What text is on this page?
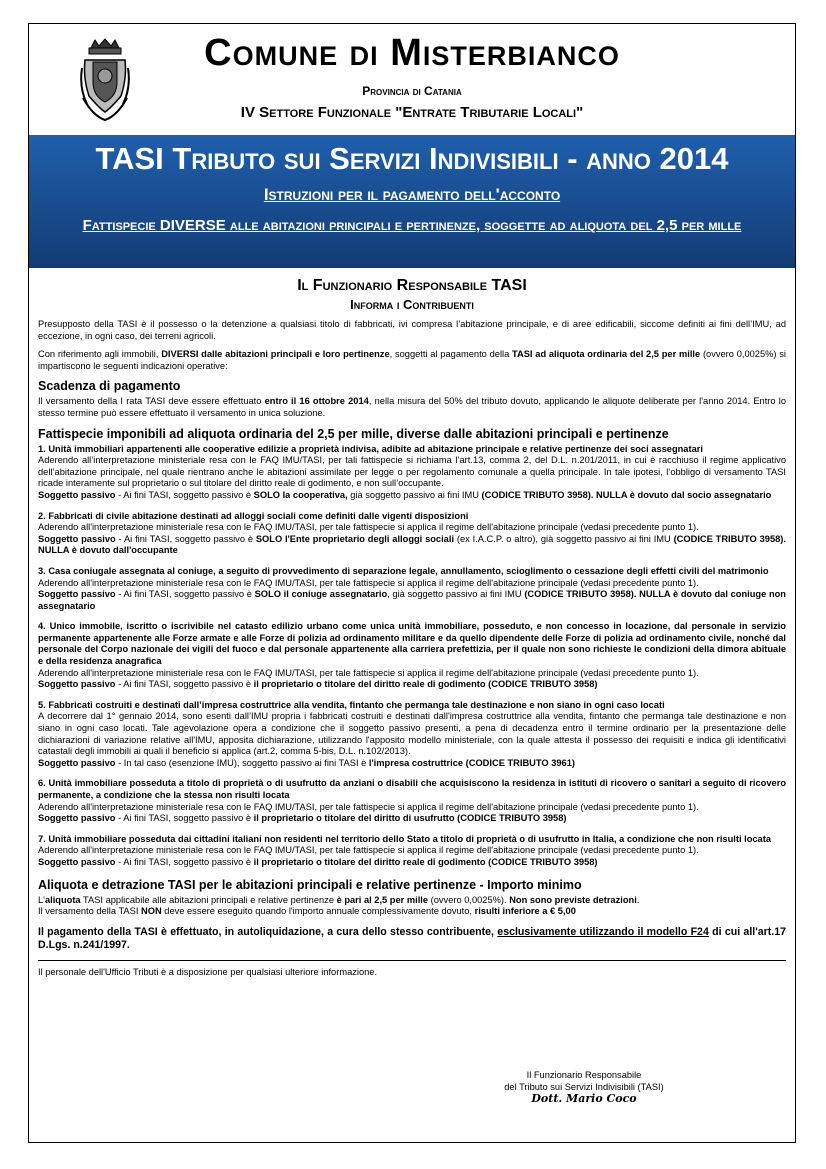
Comune di Misterbianco
Provincia di Catania
IV Settore Funzionale "Entrate Tributarie Locali"
TASI Tributo sui Servizi Indivisibili - anno 2014
Istruzioni per il pagamento dell'acconto
Fattispecie DIVERSE alle abitazioni principali e pertinenze, soggette ad aliquota del 2,5 per mille
Il Funzionario Responsabile TASI
Informa i Contribuenti

Presupposto della TASI è il possesso o la detenzione a qualsiasi titolo di fabbricati, ivi compresa l’abitazione principale, e di aree edificabili, siccome definiti ai fini dell’IMU, ad eccezione, in ogni caso, dei terreni agricoli.

Con riferimento agli immobili, DIVERSI dalle abitazioni principali e loro pertinenze, soggetti al pagamento della TASI ad aliquota ordinaria del 2,5 per mille (ovvero 0,0025%) si impartiscono le seguenti indicazioni operative:

Scadenza di pagamento

Il versamento della I rata TASI deve essere effettuato entro il 16 ottobre 2014, nella misura del 50% del tributo dovuto, applicando le aliquote deliberate per l'anno 2014. Entro lo stesso termine può essere effettuato il versamento in unica soluzione.

Fattispecie imponibili ad aliquota ordinaria del 2,5 per mille, diverse dalle abitazioni principali e pertinenze
1. Unità immobiliari appartenenti alle cooperative edilizie a proprietà indivisa, adibite ad abitazione principale e relative pertinenze dei soci assegnatari
Aderendo all’interpretazione ministeriale resa con le FAQ IMU/TASI, per tali fattispecie si richiama l’art.13, comma 2, del D.L. n.201/2011, in cui è racchiuso il regime applicativo dell’abitazione principale, nel quale rientrano anche le abitazioni assimilate per legge o per regolamento comunale a quella principale. In tale ipotesi, l’obbligo di versamento TASI ricade interamente sul proprietario o sul titolare del diritto reale di godimento, e non sull’occupante.
Soggetto passivo - Ai fini TASI, soggetto passivo è SOLO la cooperativa, già soggetto passivo ai fini IMU (CODICE TRIBUTO 3958). NULLA è dovuto dal socio assegnatario
2. Fabbricati di civile abitazione destinati ad alloggi sociali come definiti dalle vigenti disposizioni
Aderendo all'interpretazione ministeriale resa con le FAQ IMU/TASI, per tale fattispecie si applica il regime dell'abitazione principale (vedasi precedente punto 1).
Soggetto passivo - Ai fini TASI, soggetto passivo è SOLO l'Ente proprietario degli alloggi sociali (ex I.A.C.P. o altro), già soggetto passivo ai fini IMU (CODICE TRIBUTO 3958). NULLA è dovuto dall'occupante
3. Casa coniugale assegnata al coniuge, a seguito di provvedimento di separazione legale, annullamento, scioglimento o cessazione degli effetti civili del matrimonio
Aderendo all'interpretazione ministeriale resa con le FAQ IMU/TASI, per tale fattispecie si applica il regime dell'abitazione principale (vedasi precedente punto 1).
Soggetto passivo - Ai fini TASI, soggetto passivo è SOLO il coniuge assegnatario, già soggetto passivo ai fini IMU (CODICE TRIBUTO 3958). NULLA è dovuto dal coniuge non assegnatario
4. Unico immobile, iscritto o iscrivibile nel catasto edilizio urbano come unica unità immobiliare, posseduto, e non concesso in locazione, dal personale in servizio permanente appartenente alle Forze armate e alle Forze di polizia ad ordinamento militare e da quello dipendente delle Forze di polizia ad ordinamento civile, nonché dal personale del Corpo nazionale dei vigili del fuoco e dal personale appartenente alla carriera prefettizia, per il quale non sono richieste le condizioni della dimora abituale e della residenza anagrafica
Aderendo all'interpretazione ministeriale resa con le FAQ IMU/TASI, per tale fattispecie si applica il regime dell'abitazione principale (vedasi precedente punto 1).
Soggetto passivo - Ai fini TASI, soggetto passivo è il proprietario o titolare del diritto reale di godimento (CODICE TRIBUTO 3958)
5. Fabbricati costruiti e destinati dall’impresa costruttrice alla vendita, fintanto che permanga tale destinazione e non siano in ogni caso locati
A decorrere dal 1° gennaio 2014, sono esenti dall’IMU propria i fabbricati costruiti e destinati dall'impresa costruttrice alla vendita, fintanto che permanga tale destinazione e non siano in ogni caso locati. Tale agevolazione opera a condizione che il soggetto passivo presenti, a pena di decadenza entro il termine ordinario per la presentazione delle dichiarazioni di variazione relative all'IMU, apposita dichiarazione, utilizzando l'apposito modello ministeriale, con la quale attesta il possesso dei requisiti e indica gli identificativi catastali degli immobili ai quali il beneficio si applica (art.2, comma 5-bis, D.L. n.102/2013).
Soggetto passivo - In tal caso (esenzione IMU), soggetto passivo ai fini TASI è l'impresa costruttrice (CODICE TRIBUTO 3961)
6. Unità immobiliare posseduta a titolo di proprietà o di usufrutto da anziani o disabili che acquisiscono la residenza in istituti di ricovero o sanitari a seguito di ricovero permanente, a condizione che la stessa non risulti locata
Aderendo all'interpretazione ministeriale resa con le FAQ IMU/TASI, per tale fattispecie si applica il regime dell'abitazione principale (vedasi precedente punto 1).
Soggetto passivo - Ai fini TASI, soggetto passivo è il proprietario o titolare del diritto di usufrutto (CODICE TRIBUTO 3958)
7. Unità immobiliare posseduta dai cittadini italiani non residenti nel territorio dello Stato a titolo di proprietà o di usufrutto in Italia, a condizione che non risulti locata
Aderendo all'interpretazione ministeriale resa con le FAQ IMU/TASI, per tale fattispecie si applica il regime dell'abitazione principale (vedasi precedente punto 1).
Soggetto passivo - Ai fini TASI, soggetto passivo è il proprietario o titolare del diritto reale di godimento (CODICE TRIBUTO 3958)
Aliquota e detrazione TASI per le abitazioni principali e relative pertinenze - Importo minimo
L'aliquota TASI applicabile alle abitazioni principali e relative pertinenze è pari al 2,5 per mille (ovvero 0,0025%). Non sono previste detrazioni.
Il versamento della TASI NON deve essere eseguito quando l'importo annuale complessivamente dovuto, risulti inferiore a € 5,00
Il pagamento della TASI è effettuato, in autoliquidazione, a cura dello stesso contribuente, esclusivamente utilizzando il modello F24 di cui all'art.17 D.Lgs. n.241/1997.
Il personale dell'Ufficio Tributi è a disposizione per qualsiasi ulteriore informazione.
Il Funzionario Responsabile
del Tributo sui Servizi Indivisibili (TASI)
Dott. Mario Coco
